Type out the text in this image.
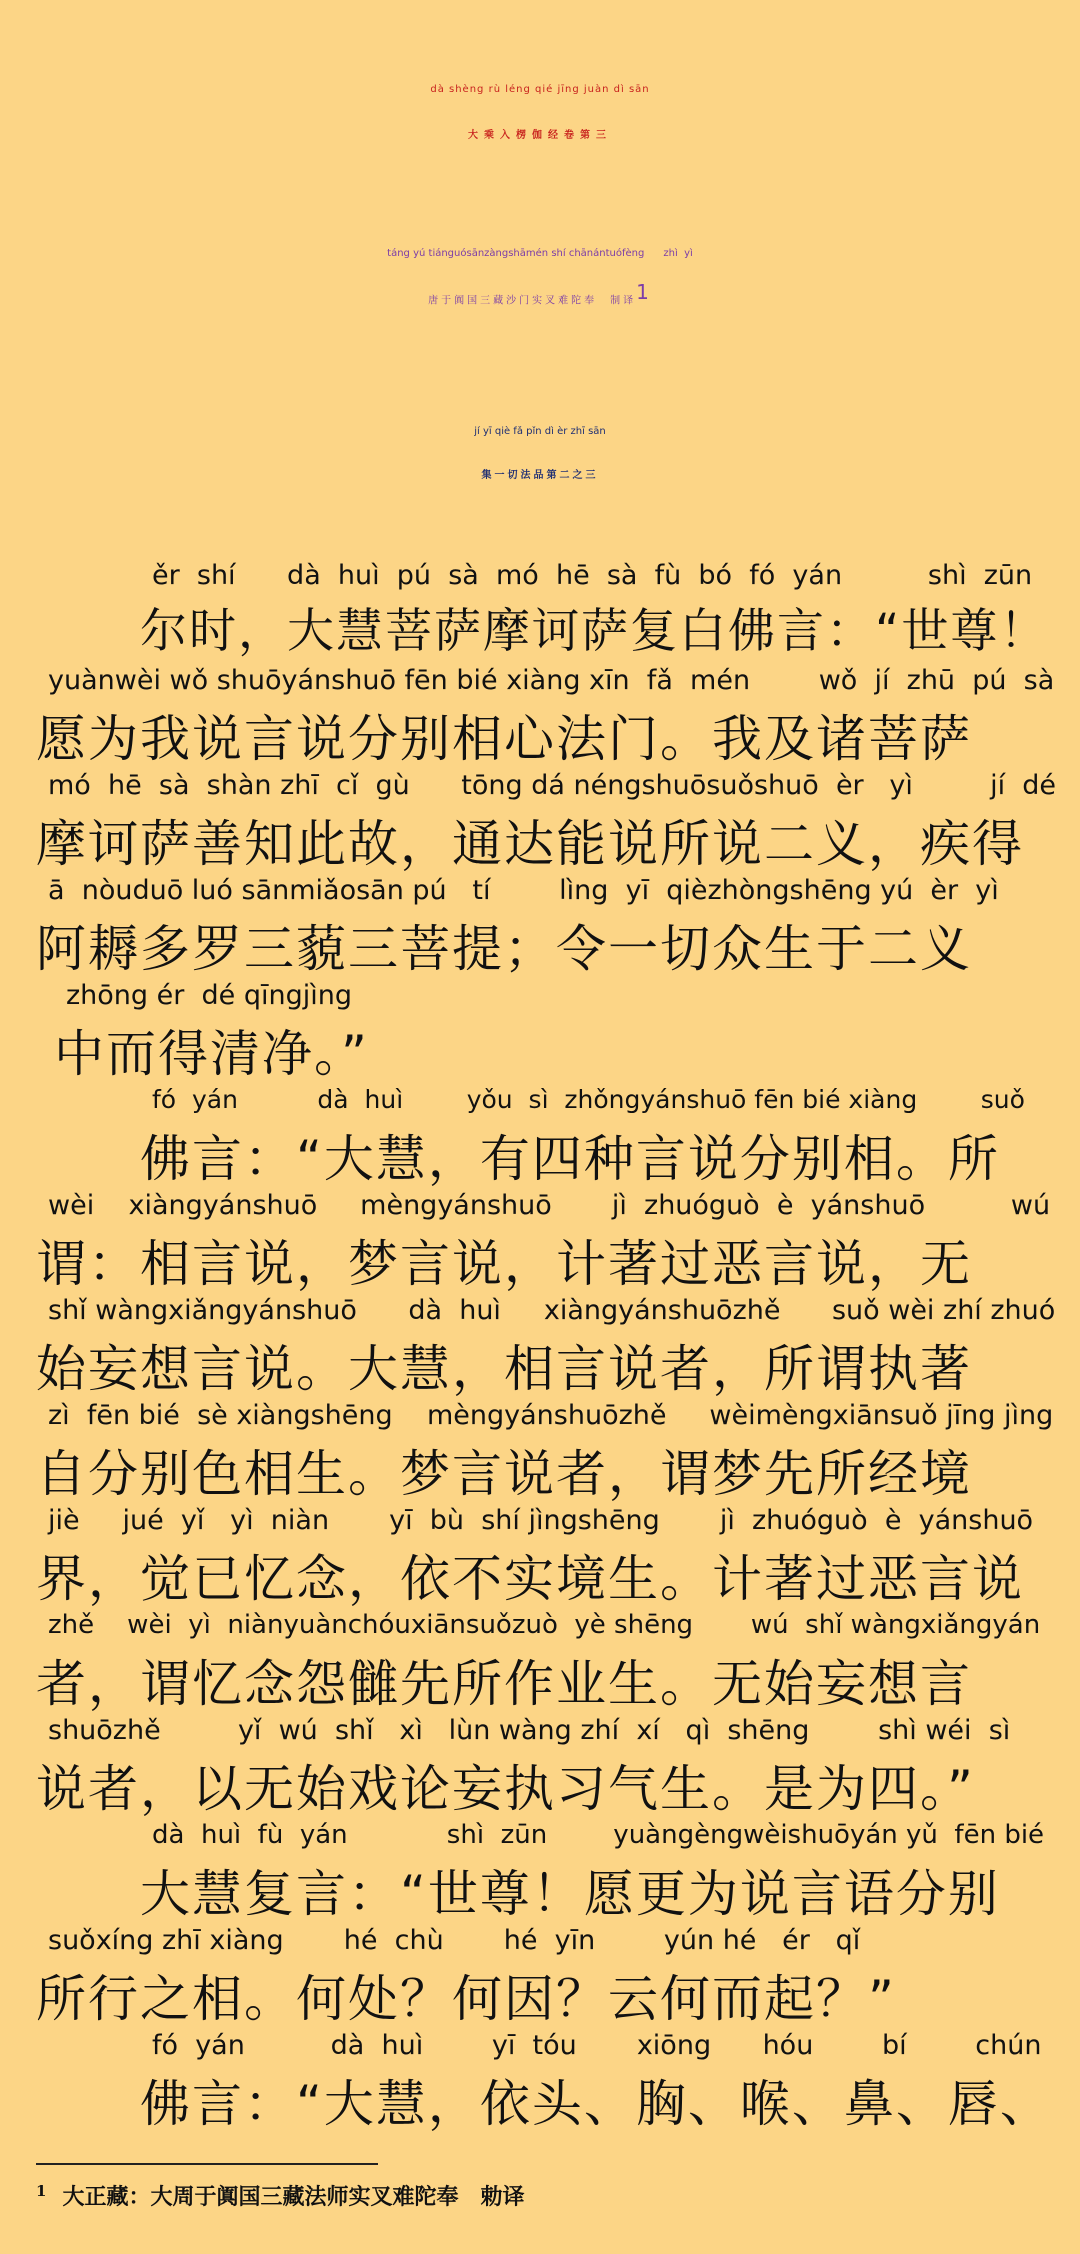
dà shèng rù léng qié jīng juàn dì sān
大乘入楞伽经卷第三
táng yú tiánguósānzàngshāmén shí chānántuófèng      zhì  yì
唐于阗国三藏沙门实叉难陀奉　制译$^1$
jí yī qiè fǎ pǐn dì èr zhī sān
集一切法品第二之三
ěr  shí      dà  huì  pú  sà  mó  hē  sà  fù  bó  fó  yán          shì  zūn
尔时，大慧菩萨摩诃萨复白佛言：“世尊！
yuànwèi wǒ shuōyánshuō fēn bié xiàng xīn  fǎ  mén        wǒ  jí  zhū  pú  sà
愿为我说言说分别相心法门。我及诸菩萨
mó  hē  sà  shàn zhī  cǐ  gù      tōng dá néngshuōsuǒshuō  èr   yì         jí  dé
摩诃萨善知此故，通达能说所说二义，疾得
ā  nòuduō luó sānmiǎosān pú   tí        lìng  yī  qièzhòngshēng yú  èr  yì
阿耨多罗三藐三菩提；令一切众生于二义
zhōng ér  dé qīngjìng
中而得清净。”
fó  yán          dà  huì        yǒu  sì  zhǒngyánshuō fēn bié xiàng        suǒ
佛言：“大慧，有四种言说分别相。所
wèi    xiàngyánshuō     mèngyánshuō       jì  zhuóguò  è  yánshuō          wú
谓：相言说，梦言说，计著过恶言说，无
shǐ wàngxiǎngyánshuō      dà  huì     xiàngyánshuōzhě      suǒ wèi zhí zhuó
始妄想言说。大慧，相言说者，所谓执著
zì  fēn bié  sè xiàngshēng    mèngyánshuōzhě     wèimèngxiānsuǒ jīng jìng
自分别色相生。梦言说者，谓梦先所经境
jiè     jué  yǐ   yì  niàn       yī  bù  shí jìngshēng       jì  zhuóguò  è  yánshuō
界，觉已忆念，依不实境生。计著过恶言说
zhě    wèi  yì  niànyuànchóuxiānsuǒzuò  yè shēng       wú  shǐ wàngxiǎngyán
者，谓忆念怨雠先所作业生。无始妄想言
shuōzhě         yǐ  wú  shǐ   xì   lùn wàng zhí  xí   qì  shēng        shì wéi  sì
说者，以无始戏论妄执习气生。是为四。”
dà  huì  fù  yán            shì  zūn        yuàngèngwèishuōyán yǔ  fēn bié
大慧复言：“世尊！愿更为说言语分别
suǒxíng zhī xiàng       hé  chù       hé  yīn        yún hé   ér   qǐ
所行之相。何处？何因？云何而起？”
fó  yán          dà  huì        yī  tóu       xiōng      hóu        bí        chún
佛言：“大慧，依头、胸、喉、鼻、唇、
$^1$ 大正藏：大周于阗国三藏法师实叉难陀奉　勅译
